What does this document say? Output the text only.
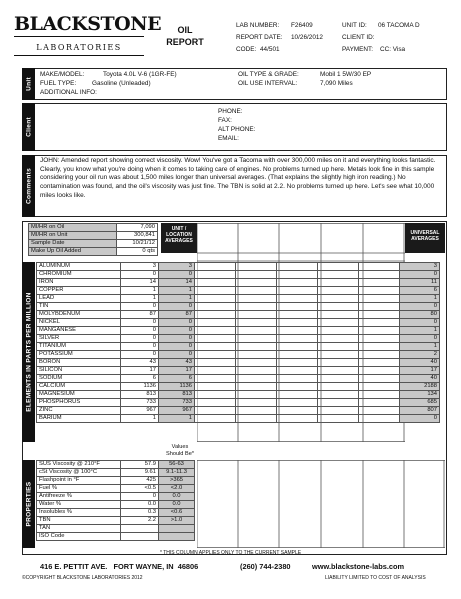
BLACKSTONE
LABORATORIES
OIL
REPORT
LAB NUMBER: F26409
REPORT DATE: 10/26/2012
CODE: 44/501
UNIT ID: 06 TACOMA D
CLIENT ID:
PAYMENT: CC: Visa
Unit
MAKE/MODEL:	Toyota 4.0L V-6 (1GR-FE)
FUEL TYPE: Gasoline (Unleaded)
ADDITIONAL INFO:
OIL TYPE & GRADE:	Mobil 1 5W/30 EP
OIL USE INTERVAL:	7,090 Miles
Client
PHONE:
FAX:
ALT PHONE:
EMAIL:
Comments
JOHN: Amended report showing correct viscosity. Wow! You've got a Tacoma with over 300,000 miles on it and everything looks fantastic. Clearly, you know what you're doing when it comes to taking care of engines. No problems turned up here. Metals look fine in this sample considering your oil run was about 1,500 miles longer than universal averages. (That explains the slightly high iron reading.) No contamination was found, and the oil's viscosity was just fine. The TBN is solid at 2.2. No problems turned up here. Let's see what 10,000 miles looks like.
MI/HR on Oil	7,090
MI/HR on Unit	300,841
Sample Date	10/21/12
Make Up Oil Added	0 qts
UNIT / LOCATION AVERAGES
UNIVERSAL AVERAGES
ELEMENTS IN PARTS PER MILLION
ALUMINUM	3	3						3
CHROMIUM	0	0						0
IRON	14	14						11
COPPER	1	1						6
LEAD	1	1						1
TIN	0	0						0
MOLYBDENUM	87	87						80
NICKEL	0	0						0
MANGANESE	0	0						1
SILVER	0	0						0
TITANIUM	0	0						1
POTASSIUM	0	0						2
BORON	43	43						40
SILICON	17	17						17
SODIUM	6	6						40
CALCIUM	1136	1136						2188
MAGNESIUM	813	813						134
PHOSPHORUS	733	733						685
ZINC	967	967						807
BARIUM	1	1						0
Values Should Be*
PROPERTIES
SUS Viscosity @ 210°F	57.9	56-63
cSt Viscosity @ 100°C	9.61	9.1-11.3
Flashpoint in °F	425	>365
Fuel %	<0.5	<2.0
Antifreeze %	0	0.0
Water %	0.0	0.0
Insolubles %	0.3	<0.6
TBN	2.2	>1.0
TAN		
ISO Code		
* THIS COLUMN APPLIES ONLY TO THE CURRENT SAMPLE
416 E. PETTIT AVE.   FORT WAYNE, IN  46806	(260) 744-2380	www.blackstone-labs.com
©COPYRIGHT BLACKSTONE LABORATORIES 2012	LIABILITY LIMITED TO COST OF ANALYSIS
